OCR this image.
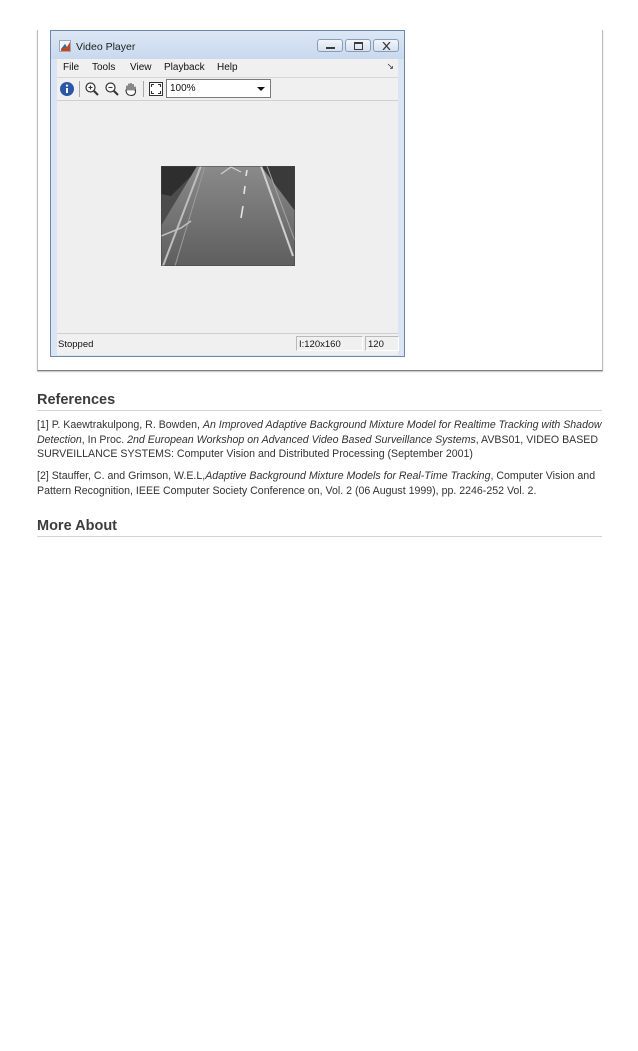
Video Player
File Tools View Playback Help	↘
100%
Stopped	I:120x160	120
References
[1] P. Kaewtrakulpong, R. Bowden, An Improved Adaptive Background Mixture Model for Realtime Tracking with Shadow Detection, In Proc. 2nd European Workshop on Advanced Video Based Surveillance Systems, AVBS01, VIDEO BASED SURVEILLANCE SYSTEMS: Computer Vision and Distributed Processing (September 2001)
[2] Stauffer, C. and Grimson, W.E.L,Adaptive Background Mixture Models for Real-Time Tracking, Computer Vision and Pattern Recognition, IEEE Computer Society Conference on, Vol. 2 (06 August 1999), pp. 2246-252 Vol. 2.
More About
